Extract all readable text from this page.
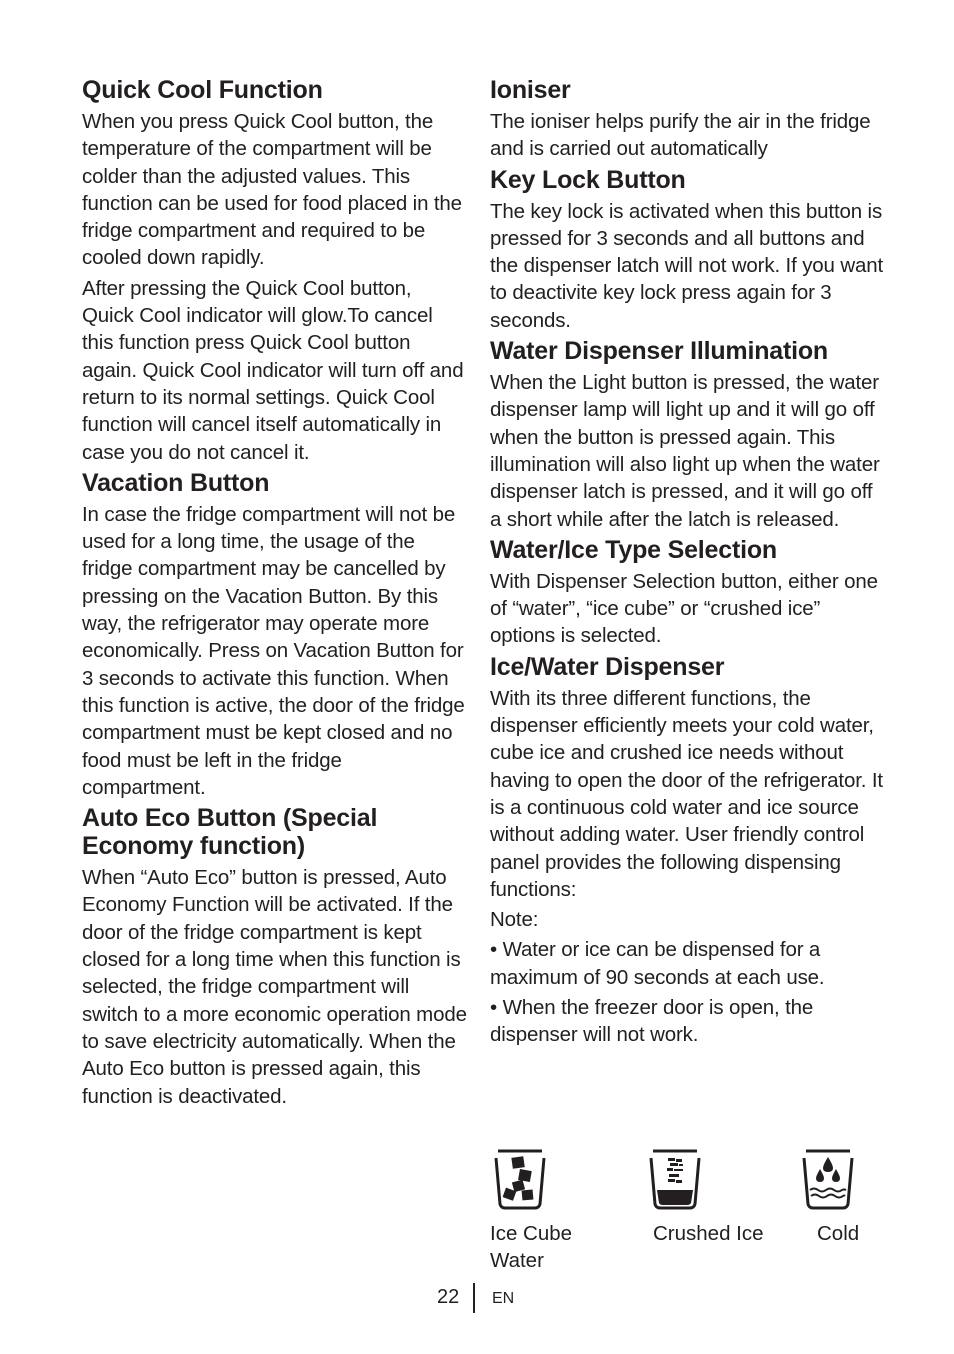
Quick Cool Function

When you press Quick Cool button, the temperature of the compartment will be colder than the adjusted values. This function can be used for food placed in the fridge compartment and required to be cooled down rapidly.

After pressing the Quick Cool button, Quick Cool indicator will glow.To cancel this function press Quick Cool button again. Quick Cool indicator will turn off and return to its normal settings. Quick Cool function will cancel itself automatically in case you do not cancel it.

Vacation Button

In case the fridge compartment will not be used for a long time, the usage of the fridge compartment may be cancelled by pressing on the Vacation Button. By this way, the refrigerator may operate more economically. Press on Vacation Button for 3 seconds to activate this function. When this function is active, the door of the fridge compartment must be kept closed and no food must be left in the fridge compartment.

Auto Eco Button (Special Economy function)

When “Auto Eco” button is pressed, Auto Economy Function will be activated. If the door of the fridge compartment is kept closed for a long time when this function is selected, the fridge compartment will switch to a more economic operation mode to save electricity automatically. When the Auto Eco button is pressed again, this function is deactivated.

Ioniser

The ioniser helps purify the air in the fridge and is carried out automatically

Key Lock Button

The key lock is activated when this button is pressed for 3 seconds and all buttons and the dispenser latch will not work. If you want to deactivite key lock press again for 3 seconds.

Water Dispenser Illumination

When the Light button is pressed, the water dispenser lamp will light up and it will go off when the button is pressed again. This illumination will also light up when the water dispenser latch is pressed, and it will go off a short while after the latch is released.

Water/Ice Type Selection

With Dispenser Selection button, either one of “water”, “ice cube” or “crushed ice” options is selected.

Ice/Water Dispenser

With its three different functions, the dispenser efficiently meets your cold water, cube ice and crushed ice needs without having to open the door of the refrigerator. It is a continuous cold water and ice source without adding water. User friendly control panel provides the following dispensing functions:

Note:

• Water or ice can be dispensed for a maximum of 90 seconds at each use.

• When the freezer door is open, the dispenser will not work.

Ice Cube	Crushed Ice	Cold
Water
22 EN
